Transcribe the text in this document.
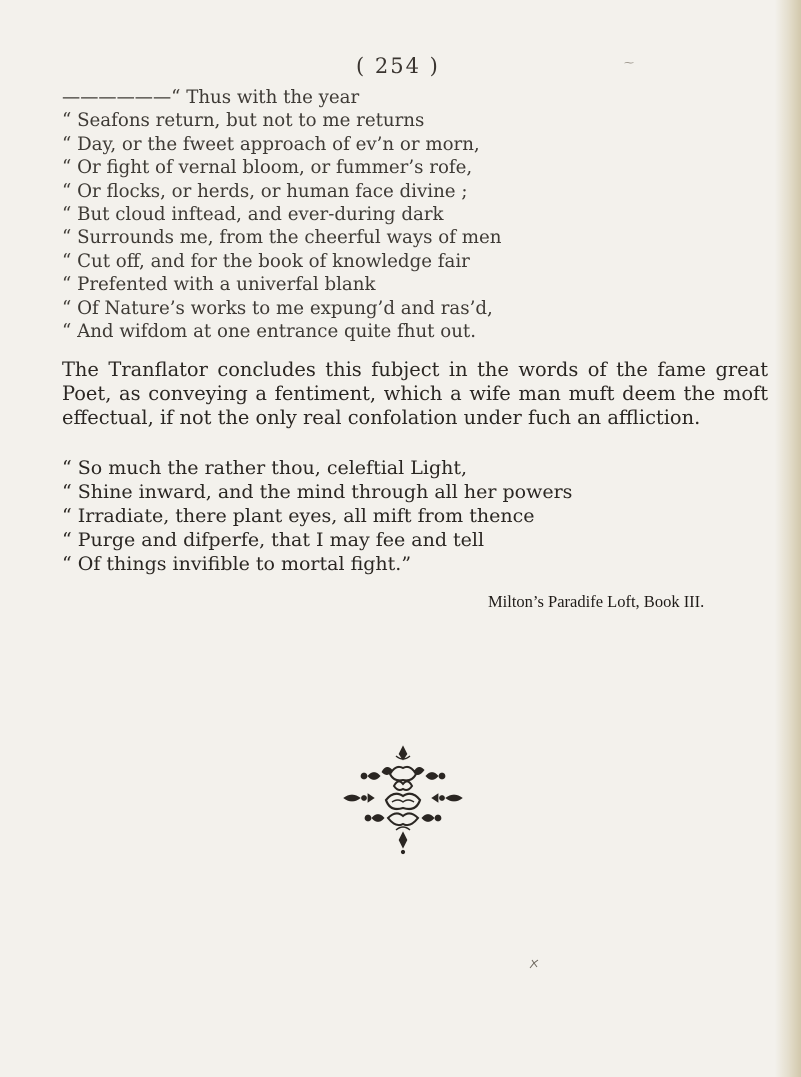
( 254 )	⁓
——————“ Thus with the year
“ Seafons return, but not to me returns
“ Day, or the fweet approach of ev’n or morn,
“ Or fight of vernal bloom, or fummer’s rofe,
“ Or flocks, or herds, or human face divine ;
“ But cloud inftead, and ever-during dark
“ Surrounds me, from the cheerful ways of men
“ Cut off, and for the book of knowledge fair
“ Prefented with a univerfal blank
“ Of Nature’s works to me expung’d and ras’d,
“ And wifdom at one entrance quite fhut out.
The Tranflator concludes this fubject in the words of the fame great Poet, as conveying a fentiment, which a wife man muft deem the moft effectual, if not the only real confolation under fuch an affliction.
“ So much the rather thou, celeftial Light,
“ Shine inward, and the mind through all her powers
“ Irradiate, there plant eyes, all mift from thence
“ Purge and difperfe, that I may fee and tell
“ Of things invifible to mortal fight.”
Milton’s Paradife Loft, Book III.
